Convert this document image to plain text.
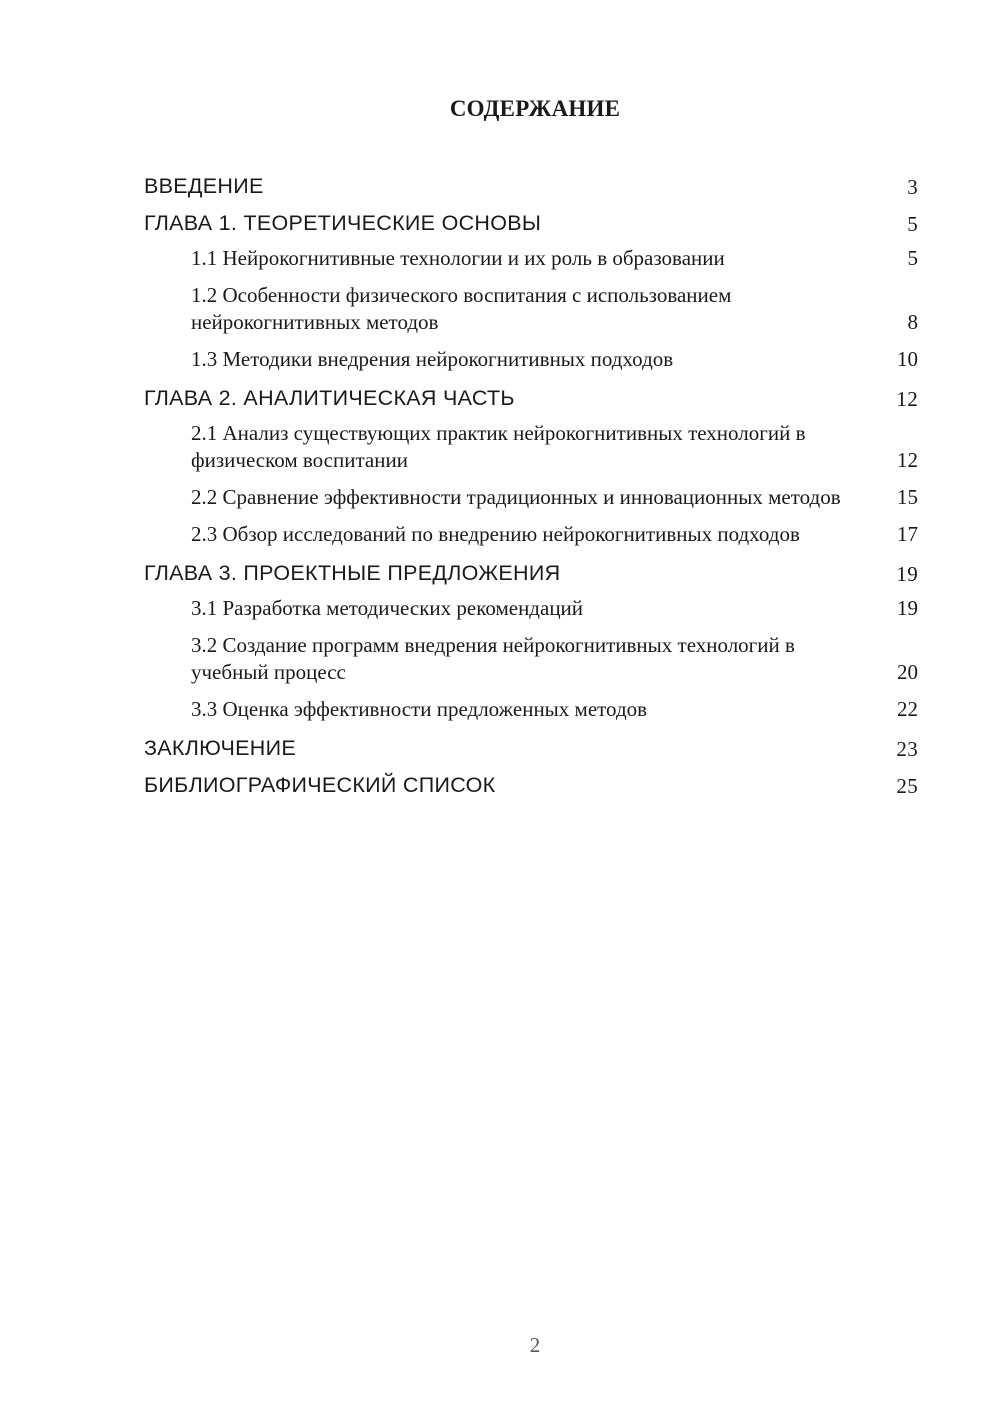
СОДЕРЖАНИЕ
ВВЕДЕНИЕ	3
ГЛАВА 1. ТЕОРЕТИЧЕСКИЕ ОСНОВЫ	5
1.1 Нейрокогнитивные технологии и их роль в образовании	5
1.2 Особенности физического воспитания с использованием нейрокогнитивных методов	8
1.3 Методики внедрения нейрокогнитивных подходов	10
ГЛАВА 2. АНАЛИТИЧЕСКАЯ ЧАСТЬ	12
2.1 Анализ существующих практик нейрокогнитивных технологий в физическом воспитании	12
2.2 Сравнение эффективности традиционных и инновационных методов	15
2.3 Обзор исследований по внедрению нейрокогнитивных подходов	17
ГЛАВА 3. ПРОЕКТНЫЕ ПРЕДЛОЖЕНИЯ	19
3.1 Разработка методических рекомендаций	19
3.2 Создание программ внедрения нейрокогнитивных технологий в учебный процесс	20
3.3 Оценка эффективности предложенных методов	22
ЗАКЛЮЧЕНИЕ	23
БИБЛИОГРАФИЧЕСКИЙ СПИСОК	25
2
